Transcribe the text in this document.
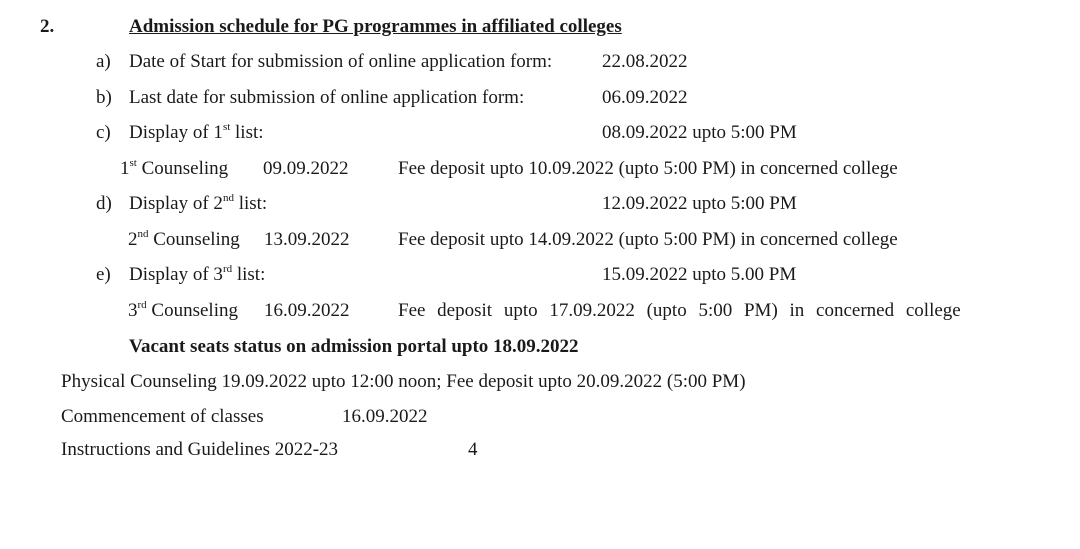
2.	Admission schedule for PG programmes in affiliated colleges
a) Date of Start for submission of online application form:	22.08.2022
b) Last date for submission of online application form:	06.09.2022
c) Display of 1st list:	08.09.2022 upto 5:00 PM
1st Counseling 09.09.2022	Fee deposit upto 10.09.2022 (upto 5:00 PM) in concerned college
d) Display of 2nd list:	12.09.2022 upto 5:00 PM
2nd Counseling 13.09.2022	Fee deposit upto 14.09.2022 (upto 5:00 PM) in concerned college
e) Display of 3rd list:	15.09.2022 upto 5.00 PM
3rd Counseling 16.09.2022	Fee deposit upto 17.09.2022 (upto 5:00 PM) in concerned college
Vacant seats status on admission portal upto 18.09.2022
Physical Counseling 19.09.2022 upto 12:00 noon; Fee deposit upto 20.09.2022 (5:00 PM)
Commencement of classes	16.09.2022
Instructions and Guidelines 2022-23	4
